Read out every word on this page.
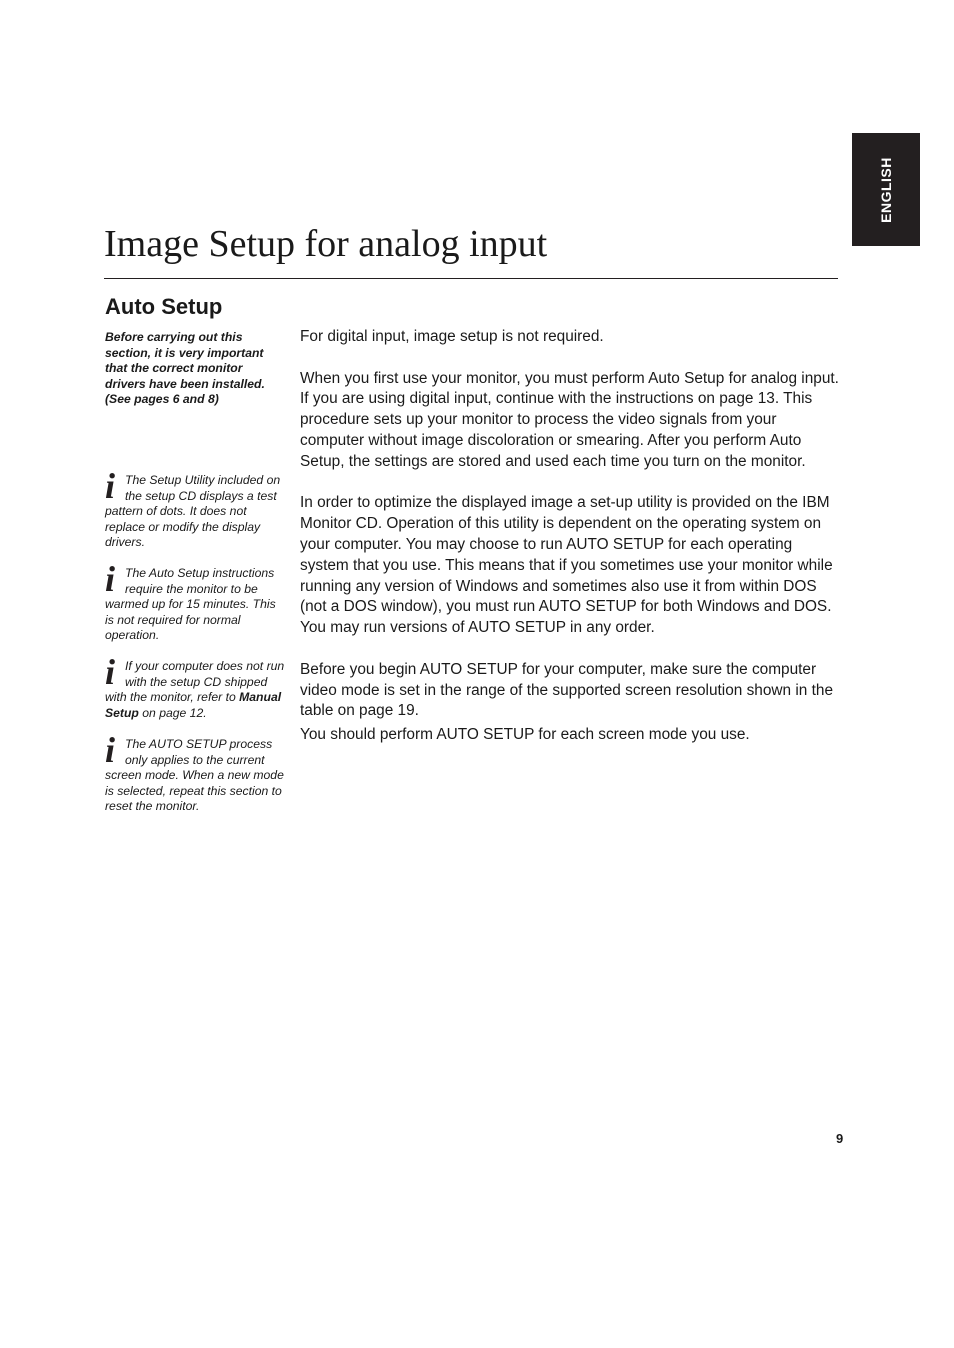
ENGLISH
Image Setup for analog input
Auto Setup
Before carrying out this section, it is very important that the correct monitor drivers have been installed.(See pages 6 and 8)
i The Setup Utility included on the setup CD displays a test pattern of dots. It does not replace or modify the display drivers.
i The Auto Setup instructions require the monitor to be warmed up for 15 minutes. This is not required for normal operation.
i If your computer does not run with the setup CD shipped with the monitor, refer to Manual Setup on page 12.
i The AUTO SETUP process only applies to the current screen mode. When a new mode is selected, repeat this section to reset the monitor.

For digital input, image setup is not required.

When you first use your monitor, you must perform Auto Setup for analog input. If you are using digital input, continue with the instructions on page 13. This procedure sets up your monitor to process the video signals from your computer without image discoloration or smearing. After you perform Auto Setup, the settings are stored and used each time you turn on the monitor.

In order to optimize the displayed image a set-up utility is provided on the IBM Monitor CD. Operation of this utility is dependent on the operating system on your computer. You may choose to run AUTO SETUP for each operating system that you use. This means that if you sometimes use your monitor while running any version of Windows and sometimes also use it from within DOS (not a DOS window), you must run AUTO SETUP for both Windows and DOS. You may run versions of AUTO SETUP in any order.

Before you begin AUTO SETUP for your computer, make sure the computer video mode is set in the range of the supported screen resolution shown in the table on page 19.

You should perform AUTO SETUP for each screen mode you use.

9
